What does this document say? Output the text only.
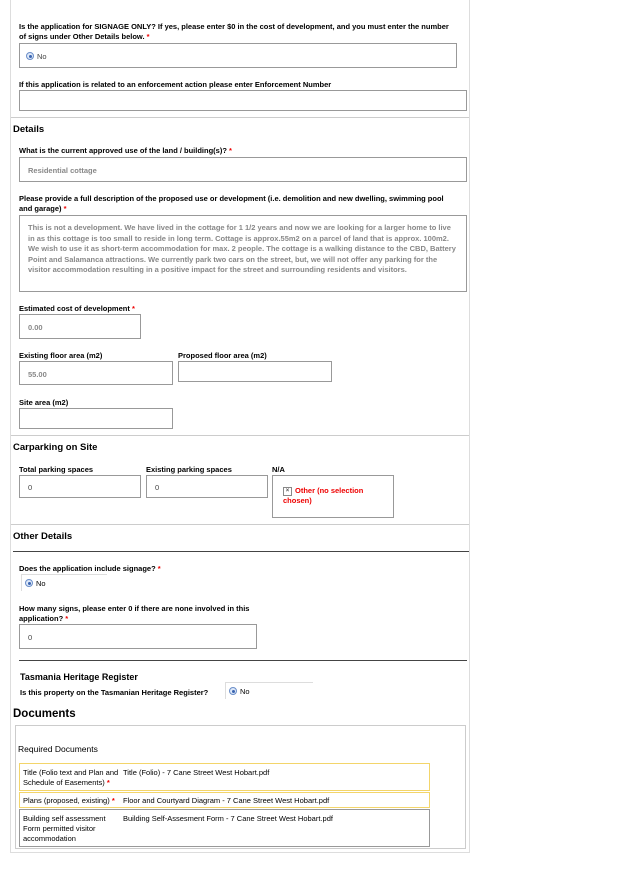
Is the application for SIGNAGE ONLY? If yes, please enter $0 in the cost of development, and you must enter the number of signs under Other Details below. *
No
If this application is related to an enforcement action please enter Enforcement Number
Details
What is the current approved use of the land / building(s)? *
Residential cottage
Please provide a full description of the proposed use or development (i.e. demolition and new dwelling, swimming pool and garage) *
This is not a development. We have lived in the cottage for 1 1/2 years and now we are looking for a larger home to live in as this cottage is too small to reside in long term. Cottage is approx.55m2 on a parcel of land that is approx. 100m2. We wish to use it as short-term accommodation for max. 2 people. The cottage is a walking distance to the CBD, Battery Point and Salamanca attractions. We currently park two cars on the street, but, we will not offer any parking for the visitor accommodation resulting in a positive impact for the street and surrounding residents and visitors.
Estimated cost of development *
0.00
Existing floor area (m2)
55.00
Proposed floor area (m2)
Site area (m2)
Carparking on Site
Total parking spaces
0
Existing parking spaces
0
N/A
× Other (no selection chosen)
Other Details
Does the application include signage? *
No
How many signs, please enter 0 if there are none involved in this application? *
0
Tasmania Heritage Register
Is this property on the Tasmanian Heritage Register?	No
Documents
Required Documents
Title (Folio text and Plan and Schedule of Easements) *
Title (Folio) - 7 Cane Street West Hobart.pdf
Plans (proposed, existing) * Floor and Courtyard Diagram - 7 Cane Street West Hobart.pdf
Building self assessment Form permitted visitor accommodation
Building Self-Assesment Form - 7 Cane Street West Hobart.pdf
